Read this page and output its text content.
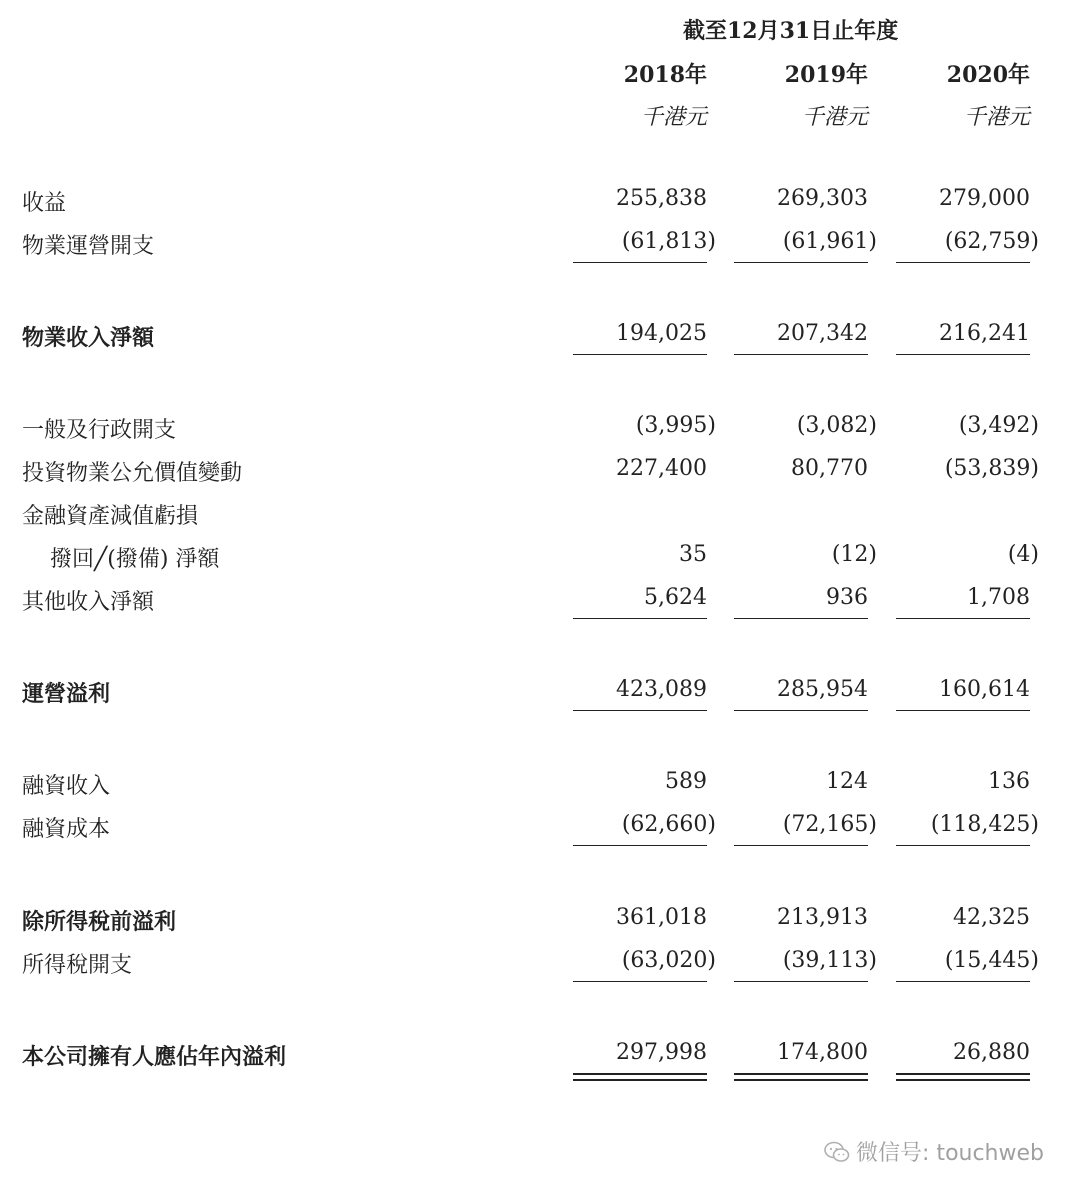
截至12月31日止年度
2018年	2019年	2020年
千港元	千港元	千港元
收益	255,838	269,303	279,000
物業運營開支	(61,813)	(61,961)	(62,759)
物業收入淨額	194,025	207,342	216,241
一般及行政開支	(3,995)	(3,082)	(3,492)
投資物業公允價值變動	227,400	80,770	(53,839)
金融資產減值虧損
撥回╱(撥備) 淨額	35	(12)	(4)
其他收入淨額	5,624	936	1,708
運營溢利	423,089	285,954	160,614
融資收入	589	124	136
融資成本	(62,660)	(72,165)	(118,425)
除所得稅前溢利	361,018	213,913	42,325
所得稅開支	(63,020)	(39,113)	(15,445)
本公司擁有人應佔年內溢利	297,998	174,800	26,880
微信号: touchweb
